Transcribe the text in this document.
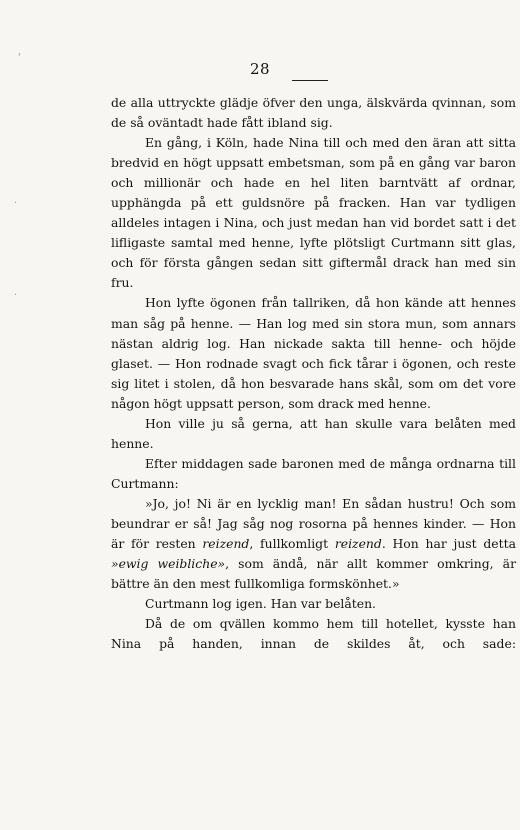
'
·
·
28

de alla uttryckte glädje öfver den unga, älskvärda qvinnan, som de så oväntadt hade fått ibland sig.

En gång, i Köln, hade Nina till och med den äran att sitta bredvid en högt uppsatt embetsman, som på en gång var baron och millionär och hade en hel liten barntvätt af ordnar, upphängda på ett guldsnöre på fracken. Han var tydligen alldeles intagen i Nina, och just medan han vid bordet satt i det lifligaste samtal med henne, lyfte plötsligt Curtmann sitt glas, och för första gången sedan sitt giftermål drack han med sin fru.

Hon lyfte ögonen från tallriken, då hon kände att hennes man såg på henne. — Han log med sin stora mun, som annars nästan aldrig log. Han nickade sakta till henne- och höjde glaset. — Hon rodnade svagt och fick tårar i ögonen, och reste sig litet i stolen, då hon besvarade hans skål, som om det vore någon högt uppsatt person, som drack med henne.

Hon ville ju så gerna, att han skulle vara belåten med henne.

Efter middagen sade baronen med de många ordnarna till Curtmann:

»Jo, jo! Ni är en lycklig man! En sådan hustru! Och som beundrar er så! Jag såg nog rosorna på hennes kinder. — Hon är för resten reizend, fullkomligt reizend. Hon har just detta »ewig weibliche», som ändå, när allt kommer omkring, är bättre än den mest fullkomliga formskönhet.»

Curtmann log igen. Han var belåten.

Då de om qvällen kommo hem till hotellet, kysste han Nina på handen, innan de skildes åt, och sade:
